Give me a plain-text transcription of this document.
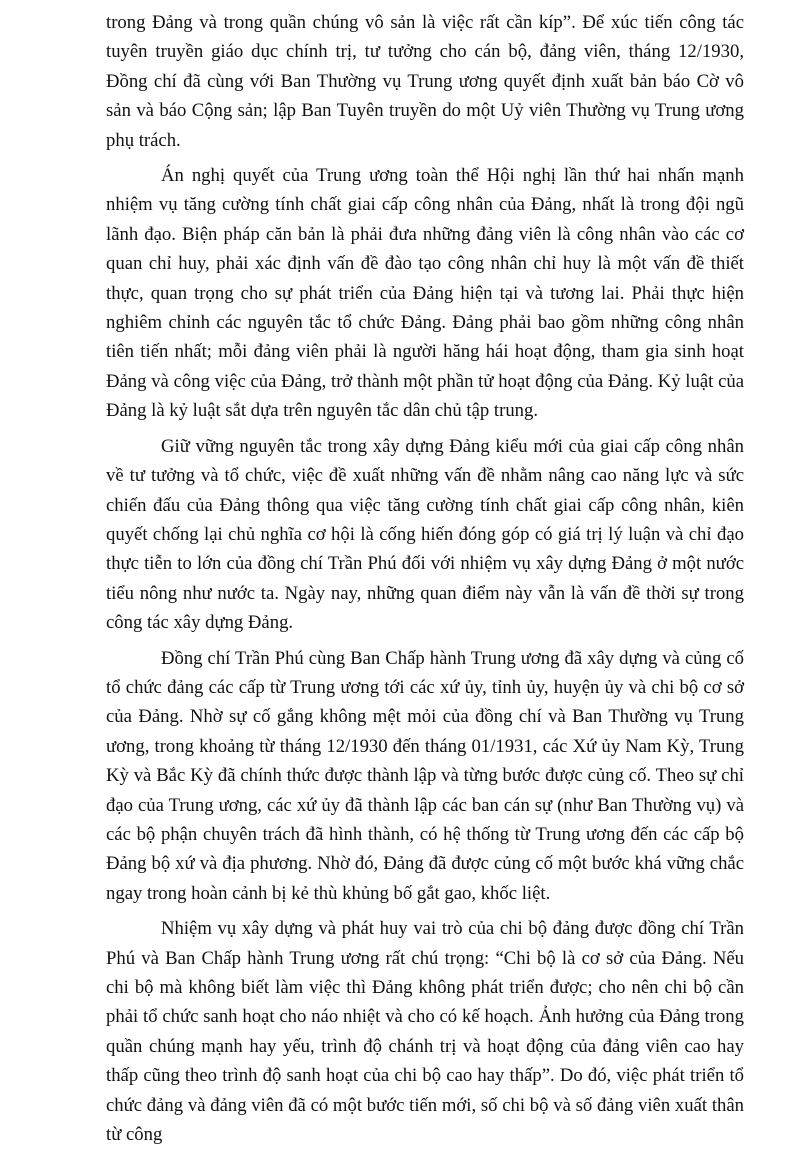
trong Đảng và trong quần chúng vô sản là việc rất cần kíp”. Để xúc tiến công tác tuyên truyền giáo dục chính trị, tư tưởng cho cán bộ, đảng viên, tháng 12/1930, Đồng chí đã cùng với Ban Thường vụ Trung ương quyết định xuất bản báo Cờ vô sản và báo Cộng sản; lập Ban Tuyên truyền do một Uỷ viên Thường vụ Trung ương phụ trách.

Án nghị quyết của Trung ương toàn thể Hội nghị lần thứ hai nhấn mạnh nhiệm vụ tăng cường tính chất giai cấp công nhân của Đảng, nhất là trong đội ngũ lãnh đạo. Biện pháp căn bản là phải đưa những đảng viên là công nhân vào các cơ quan chỉ huy, phải xác định vấn đề đào tạo công nhân chỉ huy là một vấn đề thiết thực, quan trọng cho sự phát triển của Đảng hiện tại và tương lai. Phải thực hiện nghiêm chỉnh các nguyên tắc tổ chức Đảng. Đảng phải bao gồm những công nhân tiên tiến nhất; mỗi đảng viên phải là người hăng hái hoạt động, tham gia sinh hoạt Đảng và công việc của Đảng, trở thành một phần tử hoạt động của Đảng. Kỷ luật của Đảng là kỷ luật sắt dựa trên nguyên tắc dân chủ tập trung.

Giữ vững nguyên tắc trong xây dựng Đảng kiểu mới của giai cấp công nhân về tư tưởng và tổ chức, việc đề xuất những vấn đề nhằm nâng cao năng lực và sức chiến đấu của Đảng thông qua việc tăng cường tính chất giai cấp công nhân, kiên quyết chống lại chủ nghĩa cơ hội là cống hiến đóng góp có giá trị lý luận và chỉ đạo thực tiễn to lớn của đồng chí Trần Phú đối với nhiệm vụ xây dựng Đảng ở một nước tiểu nông như nước ta. Ngày nay, những quan điểm này vẫn là vấn đề thời sự trong công tác xây dựng Đảng.

Đồng chí Trần Phú cùng Ban Chấp hành Trung ương đã xây dựng và củng cố tổ chức đảng các cấp từ Trung ương tới các xứ ủy, tỉnh ủy, huyện ủy và chi bộ cơ sở của Đảng. Nhờ sự cố gắng không mệt mỏi của đồng chí và Ban Thường vụ Trung ương, trong khoảng từ tháng 12/1930 đến tháng 01/1931, các Xứ ủy Nam Kỳ, Trung Kỳ và Bắc Kỳ đã chính thức được thành lập và từng bước được củng cố. Theo sự chỉ đạo của Trung ương, các xứ ủy đã thành lập các ban cán sự (như Ban Thường vụ) và các bộ phận chuyên trách đã hình thành, có hệ thống từ Trung ương đến các cấp bộ Đảng bộ xứ và địa phương. Nhờ đó, Đảng đã được củng cố một bước khá vững chắc ngay trong hoàn cảnh bị kẻ thù khủng bố gắt gao, khốc liệt.

Nhiệm vụ xây dựng và phát huy vai trò của chi bộ đảng được đồng chí Trần Phú và Ban Chấp hành Trung ương rất chú trọng: “Chi bộ là cơ sở của Đảng. Nếu chi bộ mà không biết làm việc thì Đảng không phát triển được; cho nên chi bộ cần phải tổ chức sanh hoạt cho náo nhiệt và cho có kế hoạch. Ảnh hưởng của Đảng trong quần chúng mạnh hay yếu, trình độ chánh trị và hoạt động của đảng viên cao hay thấp cũng theo trình độ sanh hoạt của chi bộ cao hay thấp”. Do đó, việc phát triển tổ chức đảng và đảng viên đã có một bước tiến mới, số chi bộ và số đảng viên xuất thân từ công
